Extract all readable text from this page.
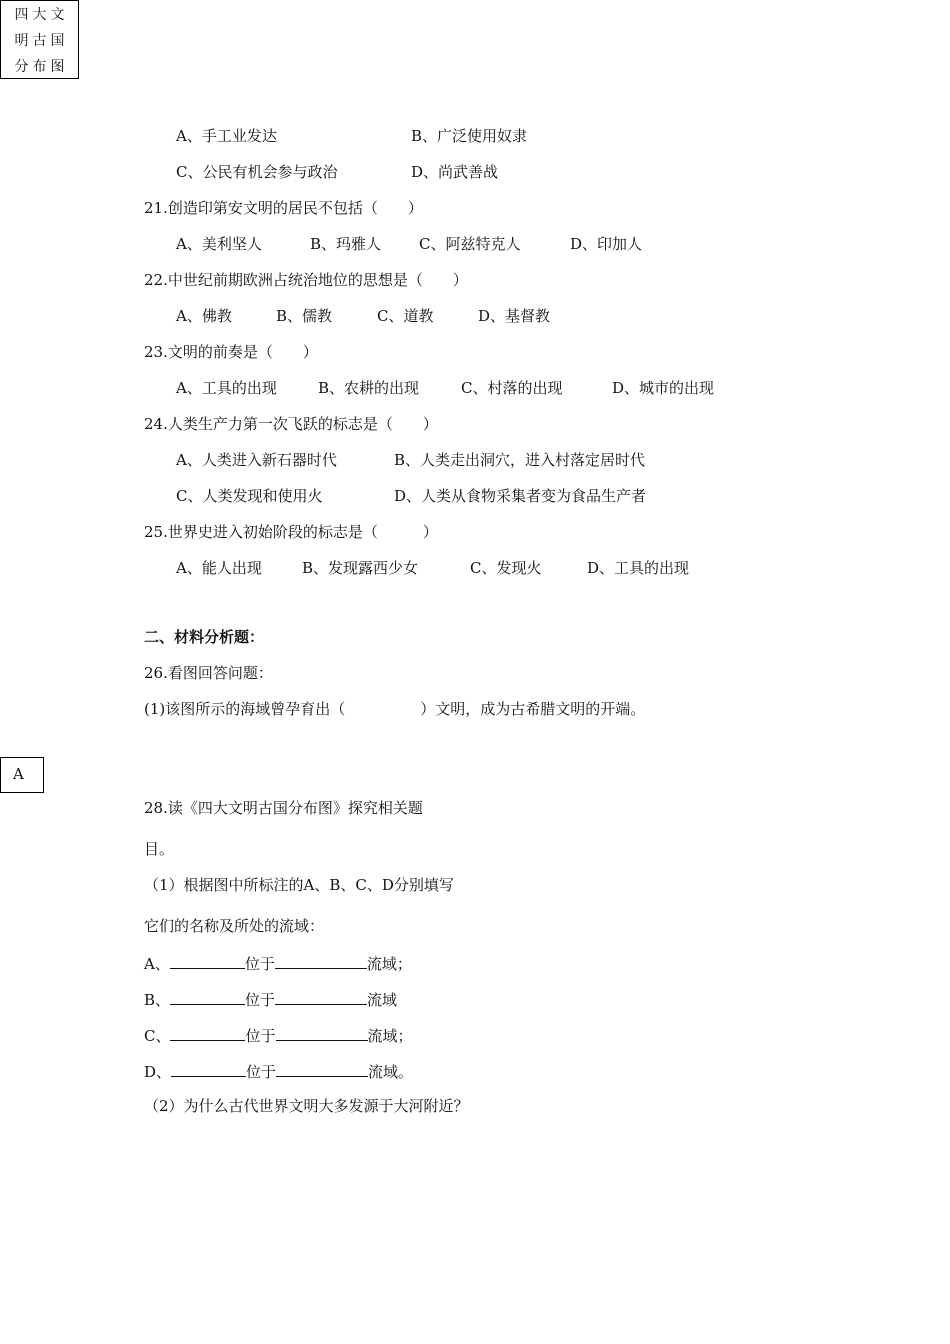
四大文
明古国
分布图
A、手工业发达	B、广泛使用奴隶
C、公民有机会参与政治	D、尚武善战
21.创造印第安文明的居民不包括（　　）
A、美利坚人	B、玛雅人	C、阿兹特克人	D、印加人
22.中世纪前期欧洲占统治地位的思想是（　　）
A、佛教	B、儒教	C、道教	D、基督教
23.文明的前奏是（　　）
A、工具的出现	B、农耕的出现	C、村落的出现	D、城市的出现
24.人类生产力第一次飞跃的标志是（　　）
A、人类进入新石器时代	B、人类走出洞穴，进入村落定居时代
C、人类发现和使用火	D、人类从食物采集者变为食品生产者
25.世界史进入初始阶段的标志是（　　　）
A、能人出现	B、发现露西少女	C、发现火	D、工具的出现
二、材料分析题：
26.看图回答问题：
(1)该图所示的海域曾孕育出（　　　　　）文明，成为古希腊文明的开端。
A
28.读《四大文明古国分布图》探究相关题
目。
（1）根据图中所标注的A、B、C、D分别填写
它们的名称及所处的流域：
A、	位于	流域；
B、	位于	流域
C、	位于	流域；
D、	位于	流域。
（2）为什么古代世界文明大多发源于大河附近？
